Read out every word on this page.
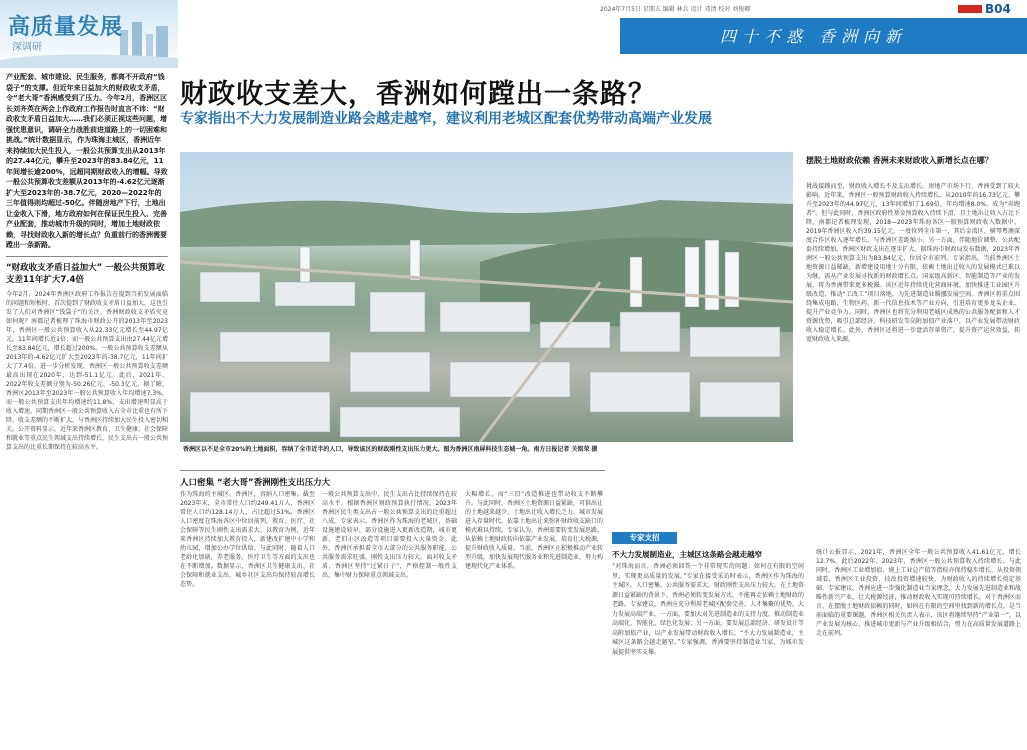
高质量发展
深调研
2024年7月5日 星期五 编辑 林兵 设计 邓清 校对 刘俊卿	B04
四十不惑 香洲向新
财政收支差大，香洲如何蹚出一条路？
专家指出不大力发展制造业路会越走越窄，建议利用老城区配套优势带动高端产业发展
产业配套、城市建设、民生服务，都离不开政府“钱袋子”的支撑。但近年来日益加大的财政收支矛盾，令“老大哥”香洲感受到了压力。今年2月，香洲区区长刘齐英在两会上作政府工作报告时直言不讳：“财政收支矛盾日益加大……我们必须正视这些问题，增强忧患意识，调研全力战胜前进道路上的一切困难和挑战。”统计数据显示，作为珠海主城区，香洲近年来持续加大民生投入，一般公共预算支出从2013年的27.44亿元，攀升至2023年的83.84亿元，11年间增长逾200%，远超同期财政收入的增幅。导致一般公共预算收支差额从2013年的-4.62亿元逐渐扩大至2023年的-38.7亿元，2020—2022年的三年值得则均超过-50亿。伴随房地产下行，土地出让金收入下滑，地方政府如何在保证民生投入、完善产业配套，推动城市升级的同时，增加土地财政依赖，寻找财政收入新的增长点？负重前行的香洲需要蹚出一条新路。
“财政收支矛盾日益加大” 一般公共预算收支差11年扩大7.4倍
今年2月，2024年香洲区政府工作报告在提到当前发展面临的问题和短板时，首次提到了财政收支矛盾日益加大，这也引发了人们对香洲区“钱袋子”的关注。香洲财政收支矛盾究竟如何呢？南都记者梳理了珠海市财政公开的2013年至2023年，香洲区一般公共预算收入从22.33亿元增长至44.97亿元，11年间增长近1倍；而一般公共预算支出由27.44亿元增长至83.84亿元，增长超过200%。一般公共预算收支差额从2013年的-4.62亿元扩大至2023年的-38.7亿元，11年间扩大了7.4倍。进一步分析发现，香洲区一般公共预算收支差额最高出现在2020年，达到-51.1亿元。此后，2021年、2022年收支差额分别为-50.26亿元、-50.3亿元。据了解，香洲区2013年至2023年一般公共预算收入年均增速7.3%，而一般公共预算支出年均增速约11.8%，支出增速明显高于收入增速。同期香洲区一般公共预算收入占全市比重也有所下降。收支差额的不断扩大，与香洲区持续加大民生投入密切相关。公开资料显示，近年来香洲区教育、卫生健康、社会保障和就业等重点民生领域支出持续增长，民生支出占一般公共预算支出的比重长期保持在较高水平。	香洲区以不足全市20%的土地面积，容纳了全市近半的人口，导致该区的财政刚性支出压力更大。图为香洲区南屏科技生态城一角。南方日报记者 关铭荣 摄
摆脱土地财政依赖 香洲未来财政收入新增长点在哪？
挑战接踵而至，财政收入增长不及支出增长。房地产市场下行，香洲受到了较大影响。近年来，香洲区一般预算财政收入持续增长，从2010年的16.73亿元，攀升至2023年的44.97亿元，13年间增加了1.69倍，年均增速8.0%，成为“奔跑者”。但与此同时，香洲区政府性基金预算收入持续下滑，且土地出让收入占比下降。南都记者梳理发现，2018—2023年珠海各区一般预算财政收入数据中，2019年香洲区收入约39.15亿元，一度位列全市第一，其后金湾区、横琴粤澳深度合作区收入逐年增长，与香洲区差距缩小。另一方面，伴随地价调整，公共配套持续增加，香洲区财政支出在逐步扩大。据珠海市财政局发布数据，2023年香洲区一般公共预算支出为83.84亿元，位居全市前列。专家指出，当前香洲区土地资源日益稀缺，新增建设用地十分有限，依赖土地出让收入的发展模式已难以为继，需从产业发展寻找新的财政增长点。国家级高新区、智能制造等产业的发展，将为香洲带来更多税源。该区近年持续优化营商环境，加快推进工业园区升级改造，推动“工改工”项目落地，为先进制造业腾挪发展空间。香洲区将重点围绕集成电路、生物医药、新一代信息技术等产业方向，引进培育更多龙头企业，提升产业竞争力。同时，香洲区也将充分利用老城区成熟的公共服务配套和人才资源优势，吸引总部经济、科技研发等高附加值产业落户，以产业发展带动财政收入稳定增长。此外，香洲区还将进一步盘活存量资产，提升资产运营效益，拓宽财政收入来源。
统计公报显示，2021年，香洲区全年一般公共预算收入41.61亿元，增长12.7%。此后2022年、2023年，香洲区一般公共预算收入持续增长。与此同时，香洲区工业增加值、规上工业总产值等指标亦保持稳步增长。从投资领域看，香洲区工业投资、技改投资增速较快，为财政收入的持续增长奠定基础。专家建议，香洲应进一步强化制造业当家理念，大力发展先进制造业和战略性新兴产业，壮大税源经济，推动财政收入实现可持续增长。对于香洲区而言，在摆脱土地财政依赖的同时，如何在有限的空间里找到新的增长点，是当前面临的重要课题。香洲区相关负责人表示，该区将继续坚持“产业第一”，以产业发展为核心，推进城市更新与产业升级相结合，努力在高质量发展道路上走在前列。
人口密集 “老大哥”香洲刚性支出压力大
作为珠海的主城区，香洲区，容纳人口密集。截至2023年末，全市常住人口约249.41万人，香洲区常住人口约128.14万人，占比超过51%。香洲区人口密度在珠海各区中位居前列，教育、医疗、社会保障等民生刚性支出需求大。以教育为例，近年来香洲区持续加大教育投入，新建改扩建中小学和幼儿园，增加公办学位供给。与此同时，随着人口老龄化加剧，养老服务、医疗卫生等方面的支出也在不断增加。数据显示，香洲区卫生健康支出、社会保障和就业支出、城乡社区支出均保持较高增长态势。
一般公共预算支出中，民生支出占比持续保持在较高水平。根据香洲区财政预算执行情况，2023年香洲区民生类支出占一般公共预算支出的比重超过八成。专家表示，香洲区作为珠海的老城区，基础设施建设较早，部分设施进入更新改造期，城市更新、老旧小区改造等项目需要投入大量资金。此外，香洲区承担着全市大部分的公共服务职能，公共服务需求旺盛，刚性支出压力较大。面对收支矛盾，香洲区坚持“过紧日子”，严格控制一般性支出，集中财力保障重点领域支出。
大幅增长，而“三旧”改造推进也带动收支不断攀升。与此同时，香洲区土地资源日益紧缺，可供出让的土地越来越少，土地出让收入增长乏力。城市发展进入存量时代，依靠土地出让来弥补财政收支缺口的模式难以持续。专家认为，香洲需要转变发展思路，从依赖土地财政转向依靠产业发展，培育壮大税源，提升财政收入质量。当前，香洲区正积极推动产业转型升级，加快发展现代服务业和先进制造业，努力构建现代化产业体系。
专家支招
不大力发展制造业，主城区这条路会越走越窄
“对珠海而言，香洲必须回答一个非常现实的问题：如何在有限的空间里，实现更高质量的发展。”专家在接受采访时表示，香洲区作为珠海的主城区，人口密集、公共服务需求大，财政刚性支出压力较大。在土地资源日益紧缺的背景下，香洲必须转变发展方式，不能再走依赖土地财政的老路。专家建议，香洲应充分利用老城区配套完善、人才集聚的优势，大力发展高端产业。一方面，要加大对先进制造业的支持力度，推动制造业高端化、智能化、绿色化发展；另一方面，要发展总部经济、研发设计等高附加值产业，以产业发展带动财政收入增长。“不大力发展制造业，主城区这条路会越走越窄。”专家强调，香洲要坚持制造业当家，为城市发展提供坚实支撑。
